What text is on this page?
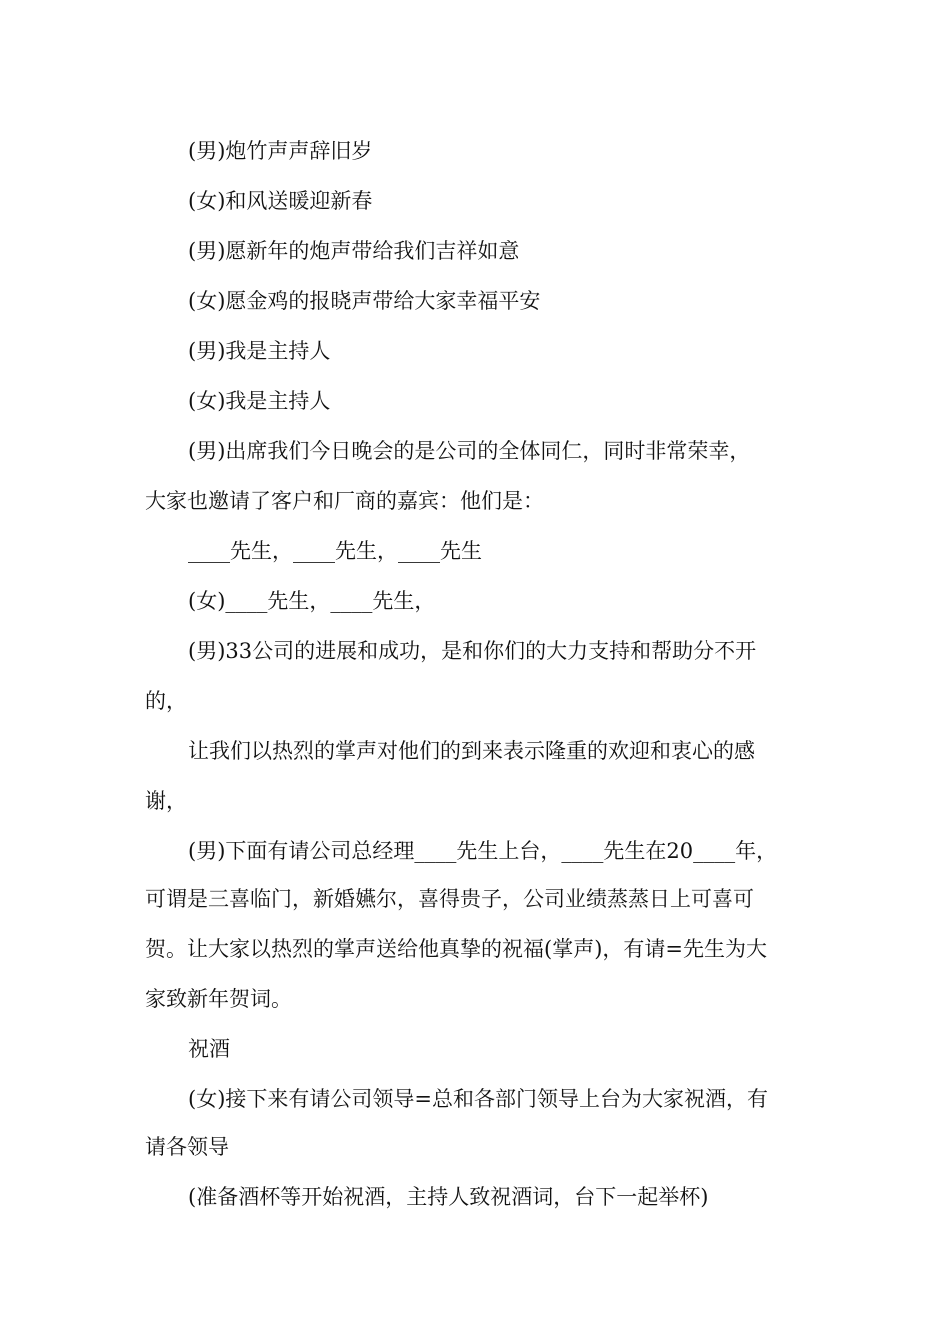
(男)炮竹声声辞旧岁
(女)和风送暖迎新春
(男)愿新年的炮声带给我们吉祥如意
(女)愿金鸡的报晓声带给大家幸福平安
(男)我是主持人
(女)我是主持人
(男)出席我们今日晚会的是公司的全体同仁，同时非常荣幸，
大家也邀请了客户和厂商的嘉宾：他们是：
____先生，____先生，____先生
(女)____先生，____先生，
(男)33公司的进展和成功，是和你们的大力支持和帮助分不开
的，
让我们以热烈的掌声对他们的到来表示隆重的欢迎和衷心的感
谢，
(男)下面有请公司总经理____先生上台，____先生在20____年，
可谓是三喜临门，新婚嬿尔，喜得贵子，公司业绩蒸蒸日上可喜可
贺。让大家以热烈的掌声送给他真挚的祝福(掌声)，有请=先生为大
家致新年贺词。
祝酒
(女)接下来有请公司领导=总和各部门领导上台为大家祝酒，有
请各领导
(准备酒杯等开始祝酒，主持人致祝酒词，台下一起举杯)
